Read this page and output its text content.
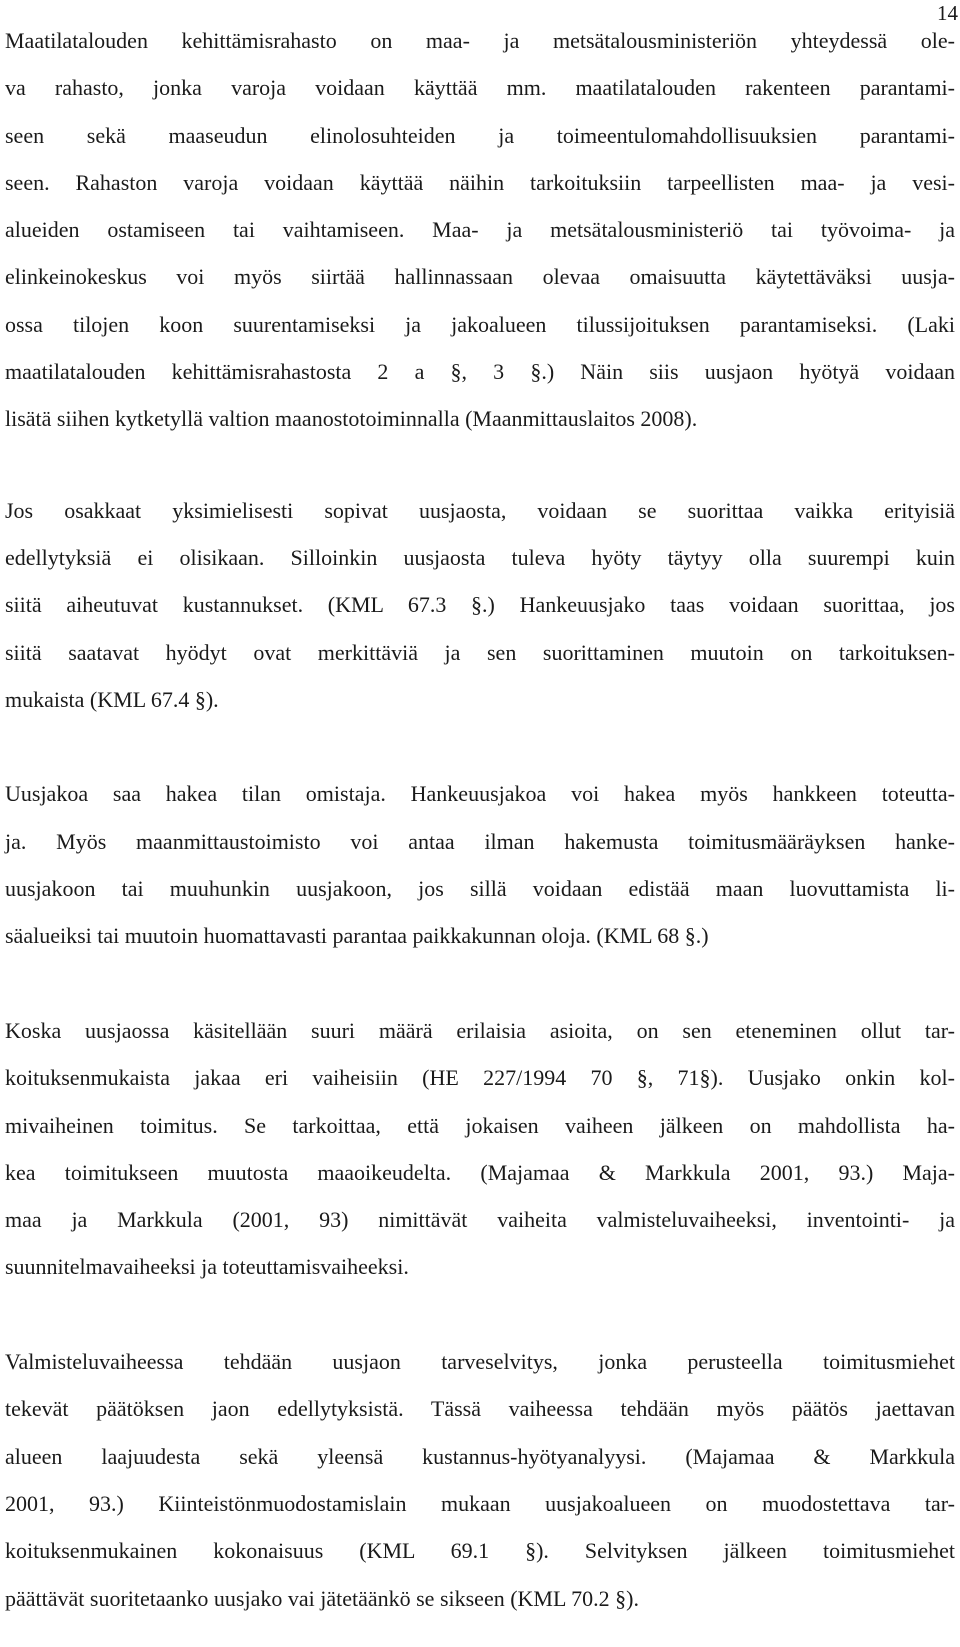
14

Maatilatalouden kehittämisrahasto on maa- ja metsätalousministeriön yhteydessä ole-
va rahasto, jonka varoja voidaan käyttää mm. maatilatalouden rakenteen parantami-
seen sekä maaseudun elinolosuhteiden ja toimeentulomahdollisuuksien parantami-
seen. Rahaston varoja voidaan käyttää näihin tarkoituksiin tarpeellisten maa- ja vesi-
alueiden ostamiseen tai vaihtamiseen. Maa- ja metsätalousministeriö tai työvoima- ja
elinkeinokeskus voi myös siirtää hallinnassaan olevaa omaisuutta käytettäväksi uusja-
ossa tilojen koon suurentamiseksi ja jakoalueen tilussijoituksen parantamiseksi. (Laki
maatilatalouden kehittämisrahastosta 2 a §, 3 §.) Näin siis uusjaon hyötyä voidaan
lisätä siihen kytketyllä valtion maanostotoiminnalla (Maanmittauslaitos 2008).

Jos osakkaat yksimielisesti sopivat uusjaosta, voidaan se suorittaa vaikka erityisiä
edellytyksiä ei olisikaan. Silloinkin uusjaosta tuleva hyöty täytyy olla suurempi kuin
siitä aiheutuvat kustannukset. (KML 67.3 §.) Hankeuusjako taas voidaan suorittaa, jos
siitä saatavat hyödyt ovat merkittäviä ja sen suorittaminen muutoin on tarkoituksen-
mukaista (KML 67.4 §).

Uusjakoa saa hakea tilan omistaja. Hankeuusjakoa voi hakea myös hankkeen toteutta-
ja. Myös maanmittaustoimisto voi antaa ilman hakemusta toimitusmääräyksen hanke-
uusjakoon tai muuhunkin uusjakoon, jos sillä voidaan edistää maan luovuttamista li-
säalueiksi tai muutoin huomattavasti parantaa paikkakunnan oloja. (KML 68 §.)

Koska uusjaossa käsitellään suuri määrä erilaisia asioita, on sen eteneminen ollut tar-
koituksenmukaista jakaa eri vaiheisiin (HE 227/1994 70 §, 71§). Uusjako onkin kol-
mivaiheinen toimitus. Se tarkoittaa, että jokaisen vaiheen jälkeen on mahdollista ha-
kea toimitukseen muutosta maaoikeudelta. (Majamaa & Markkula 2001, 93.) Maja-
maa ja Markkula (2001, 93) nimittävät vaiheita valmisteluvaiheeksi, inventointi- ja
suunnitelmavaiheeksi ja toteuttamisvaiheeksi.

Valmisteluvaiheessa tehdään uusjaon tarveselvitys, jonka perusteella toimitusmiehet
tekevät päätöksen jaon edellytyksistä. Tässä vaiheessa tehdään myös päätös jaettavan
alueen laajuudesta sekä yleensä kustannus-hyötyanalyysi. (Majamaa & Markkula
2001, 93.) Kiinteistönmuodostamislain mukaan uusjakoalueen on muodostettava tar-
koituksenmukainen kokonaisuus (KML 69.1 §). Selvityksen jälkeen toimitusmiehet
päättävät suoritetaanko uusjako vai jätetäänkö se sikseen (KML 70.2 §).
